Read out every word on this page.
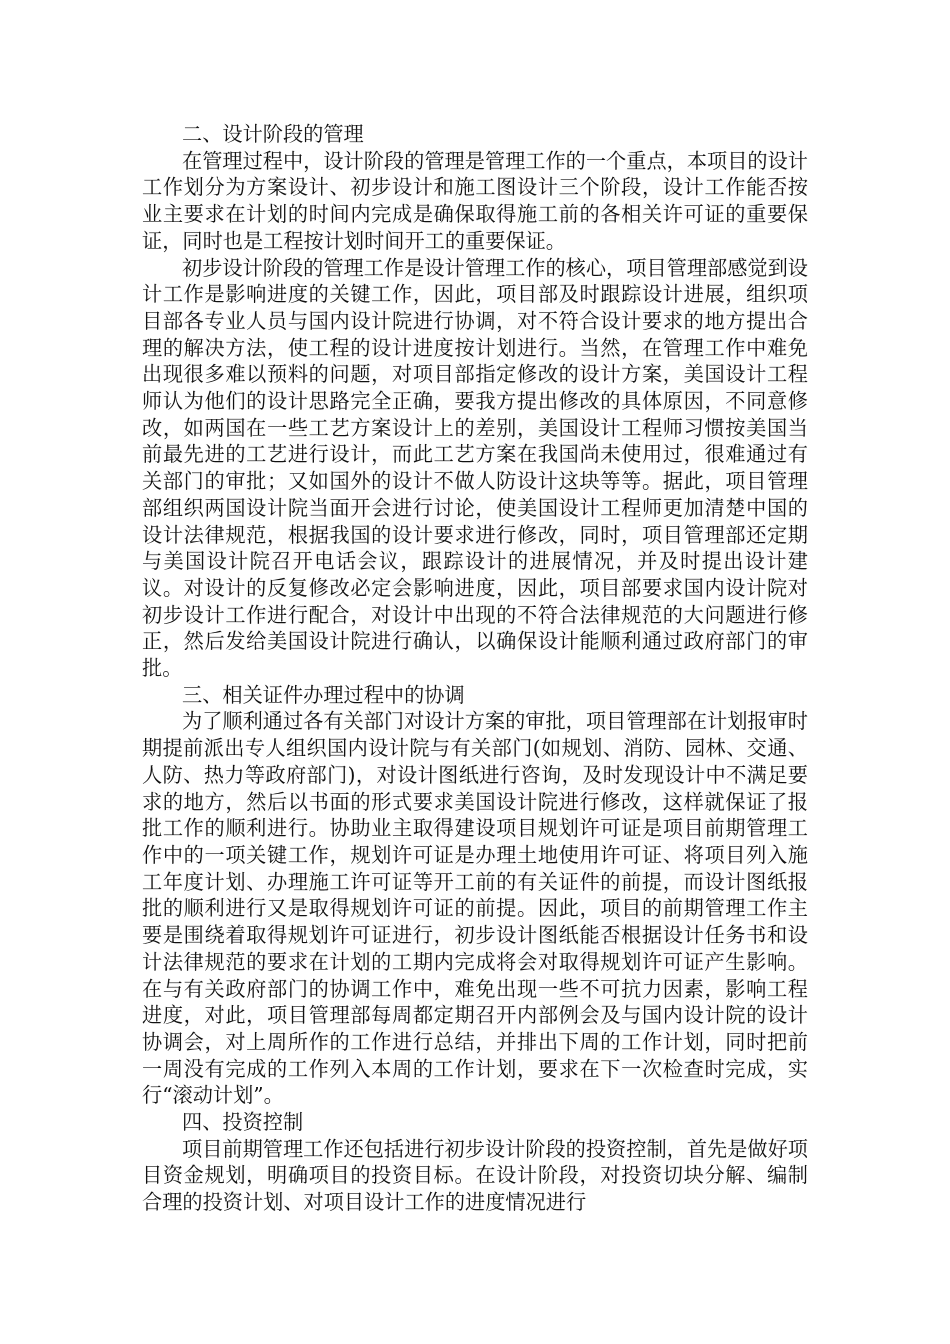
二、设计阶段的管理

在管理过程中，设计阶段的管理是管理工作的一个重点，本项目的设计工作划分为方案设计、初步设计和施工图设计三个阶段，设计工作能否按业主要求在计划的时间内完成是确保取得施工前的各相关许可证的重要保证，同时也是工程按计划时间开工的重要保证。

初步设计阶段的管理工作是设计管理工作的核心，项目管理部感觉到设计工作是影响进度的关键工作，因此，项目部及时跟踪设计进展，组织项目部各专业人员与国内设计院进行协调，对不符合设计要求的地方提出合理的解决方法，使工程的设计进度按计划进行。当然，在管理工作中难免出现很多难以预料的问题，对项目部指定修改的设计方案，美国设计工程师认为他们的设计思路完全正确，要我方提出修改的具体原因，不同意修改，如两国在一些工艺方案设计上的差别，美国设计工程师习惯按美国当前最先进的工艺进行设计，而此工艺方案在我国尚未使用过，很难通过有关部门的审批；又如国外的设计不做人防设计这块等等。据此，项目管理部组织两国设计院当面开会进行讨论，使美国设计工程师更加清楚中国的设计法律规范，根据我国的设计要求进行修改，同时，项目管理部还定期与美国设计院召开电话会议，跟踪设计的进展情况，并及时提出设计建议。对设计的反复修改必定会影响进度，因此，项目部要求国内设计院对初步设计工作进行配合，对设计中出现的不符合法律规范的大问题进行修正，然后发给美国设计院进行确认，以确保设计能顺利通过政府部门的审批。

三、相关证件办理过程中的协调

为了顺利通过各有关部门对设计方案的审批，项目管理部在计划报审时期提前派出专人组织国内设计院与有关部门(如规划、消防、园林、交通、人防、热力等政府部门)，对设计图纸进行咨询，及时发现设计中不满足要求的地方，然后以书面的形式要求美国设计院进行修改，这样就保证了报批工作的顺利进行。协助业主取得建设项目规划许可证是项目前期管理工作中的一项关键工作，规划许可证是办理土地使用许可证、将项目列入施工年度计划、办理施工许可证等开工前的有关证件的前提，而设计图纸报批的顺利进行又是取得规划许可证的前提。因此，项目的前期管理工作主要是围绕着取得规划许可证进行，初步设计图纸能否根据设计任务书和设计法律规范的要求在计划的工期内完成将会对取得规划许可证产生影响。在与有关政府部门的协调工作中，难免出现一些不可抗力因素，影响工程进度，对此，项目管理部每周都定期召开内部例会及与国内设计院的设计协调会，对上周所作的工作进行总结，并排出下周的工作计划，同时把前一周没有完成的工作列入本周的工作计划，要求在下一次检查时完成，实行“滚动计划”。

四、投资控制

项目前期管理工作还包括进行初步设计阶段的投资控制，首先是做好项目资金规划，明确项目的投资目标。在设计阶段，对投资切块分解、编制合理的投资计划、对项目设计工作的进度情况进行
